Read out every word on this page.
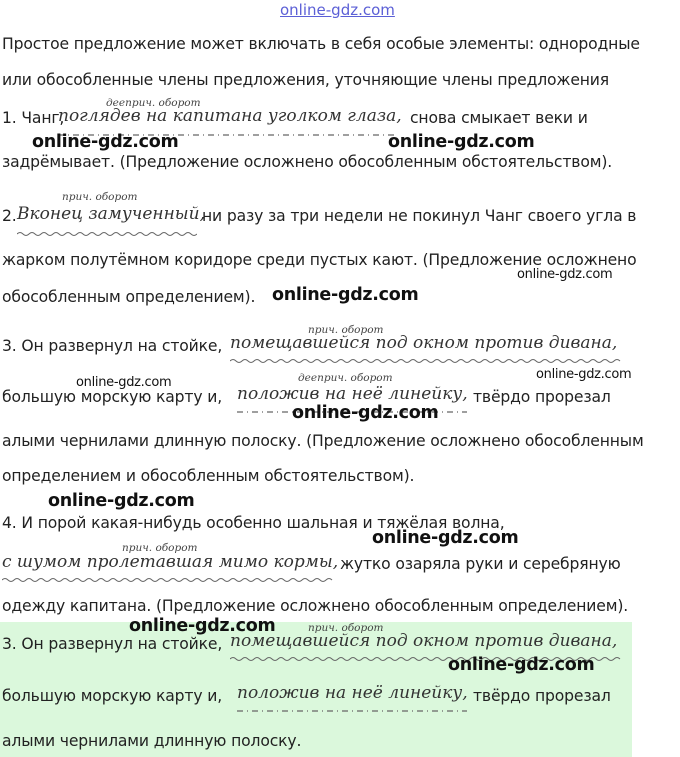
online-gdz.com
Простое предложение может включать в себя особые элементы: однородные
или обособленные члены предложения, уточняющие члены предложения
дееприч. оборот
1. Чанг,
поглядев на капитана уголком глаза, снова смыкает веки и
задрёмывает. (Предложение осложнено обособленным обстоятельством).
прич. оборот
2. Вконец замученный,
ни разу за три недели не покинул Чанг своего угла в
жарком полутёмном коридоре среди пустых кают. (Предложение осложнено
обособленным определением).
прич. оборот
3. Он развернул на стойке, помещавшейся под окном против дивана,
дееприч. оборот
большую морскую карту и, положив на неё линейку, твёрдо прорезал
алыми чернилами длинную полоску. (Предложение осложнено обособленным
определением и обособленным обстоятельством).
4. И порой какая-нибудь особенно шальная и тяжёлая волна,
прич. оборот
с шумом пролетавшая мимо кормы, жутко озаряла руки и серебряную
одежду капитана. (Предложение осложнено обособленным определением).
прич. оборот
3. Он развернул на стойке, помещавшейся под окном против дивана,
большую морскую карту и, положив на неё линейку, твёрдо прорезал
алыми чернилами длинную полоску.
online-gdz.com	online-gdz.com
online-gdz.com
online-gdz.com
online-gdz.com
online-gdz.com
online-gdz.com
online-gdz.com
online-gdz.com
online-gdz.com
online-gdz.com
